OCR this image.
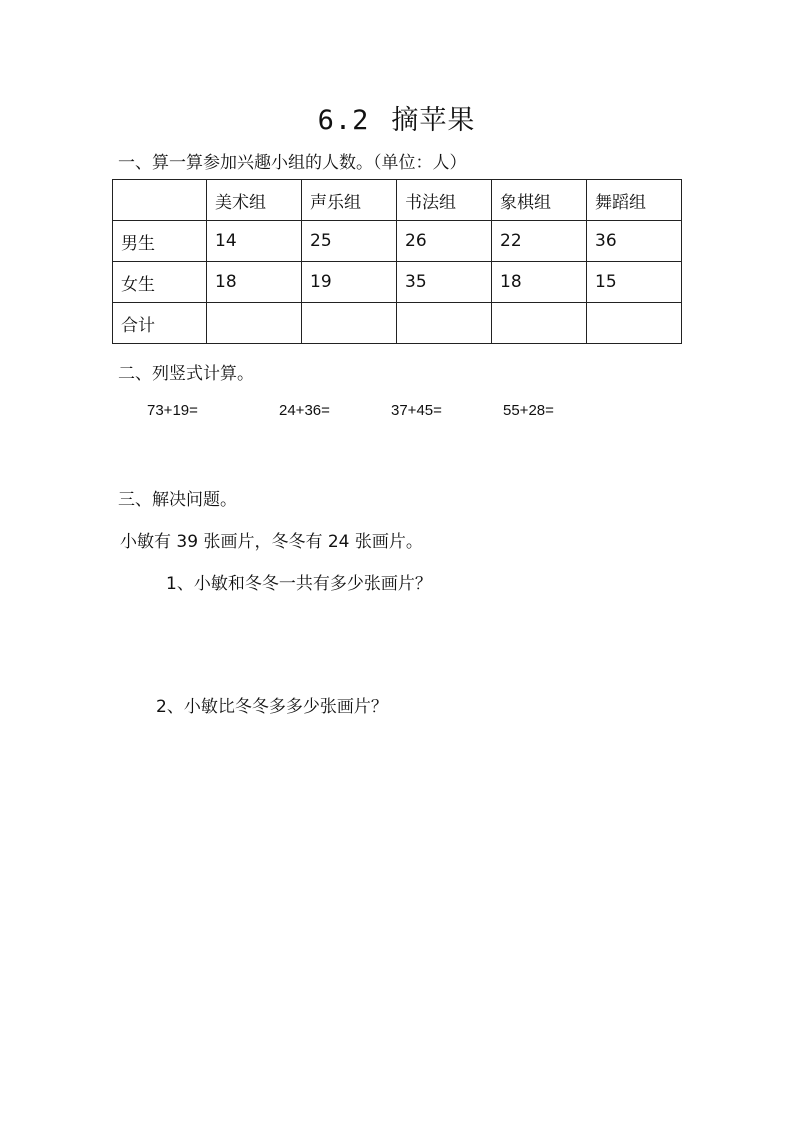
6.2 摘苹果
一、算一算参加兴趣小组的人数。（单位：人）
	美术组	声乐组	书法组	象棋组	舞蹈组
男生	14	25	26	22	36
女生	18	19	35	18	15
合计					
二、列竖式计算。
73+19=	24+36=	37+45=	55+28=
三、解决问题。
小敏有 39 张画片，冬冬有 24 张画片。
1、小敏和冬冬一共有多少张画片？
2、小敏比冬冬多多少张画片？
